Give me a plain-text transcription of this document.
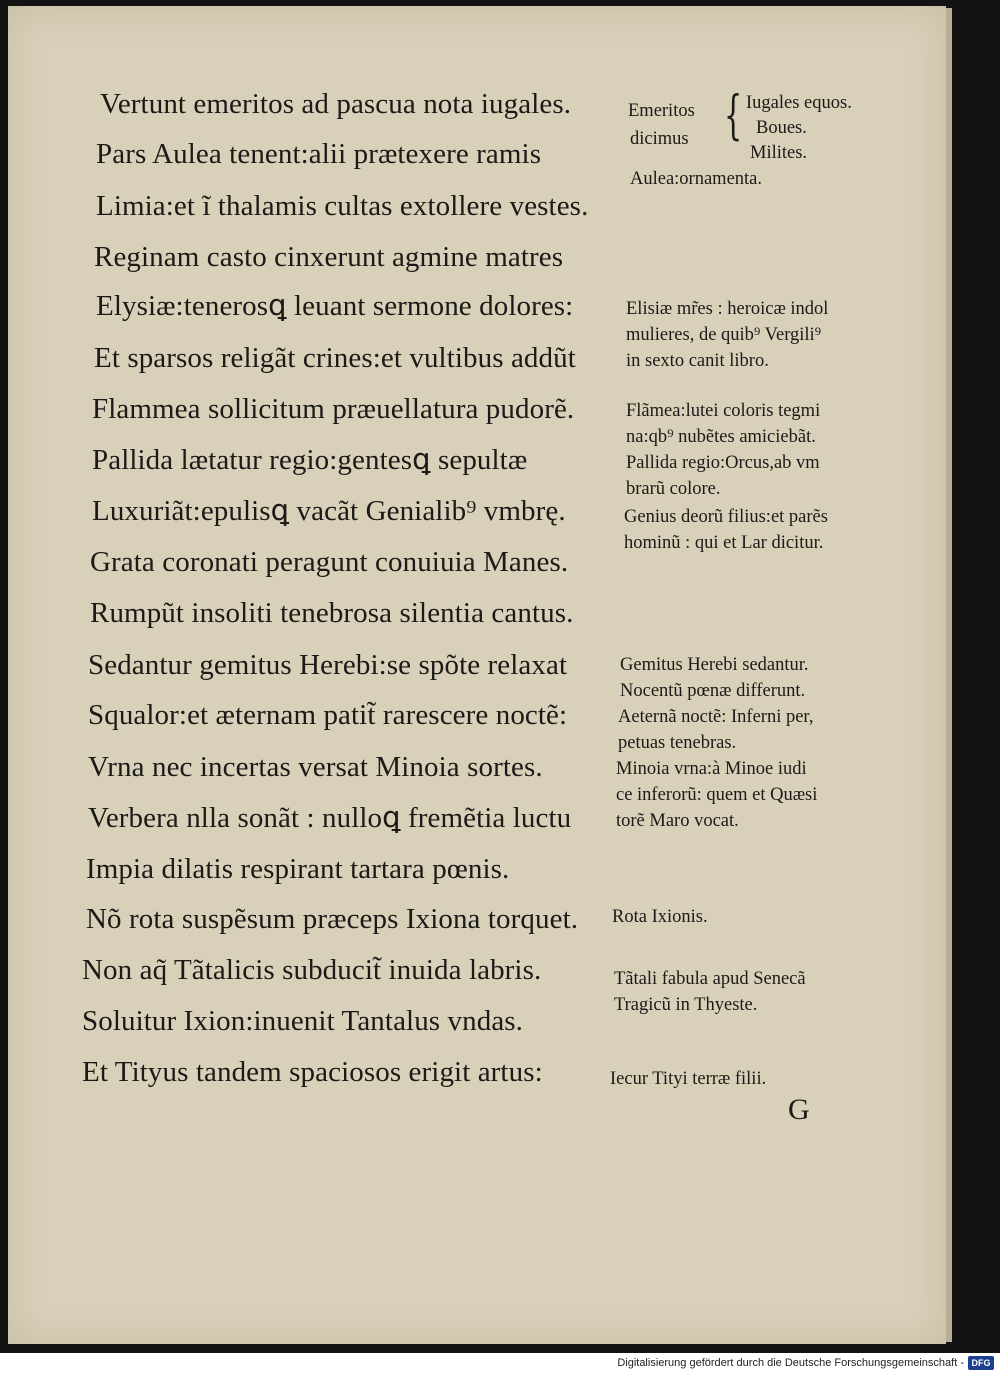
Vertunt emeritos ad pascua nota iugales.
Pars Aulea tenent:alii prætexere ramis
Limia:et ĩ thalamis cultas extollere vestes.
Reginam casto cinxerunt agmine matres
Elysiæ:tenerosꝗ leuant sermone dolores:
Et sparsos religãt crines:et vultibus addũt
Flammea sollicitum præuellatura pudorẽ.
Pallida lætatur regio:gentesꝗ sepultæ
Luxuriãt:epulisꝗ vacãt Genialib⁹ vmbrę.
Grata coronati peragunt conuiuia Manes.
Rumpũt insoliti tenebrosa silentia cantus.
Sedantur gemitus Herebi:se spõte relaxat
Squalor:et æternam patit̃ rarescere noctẽ:
Vrna nec incertas versat Minoia sortes.
Verbera nlla sonãt : nulloꝗ fremẽtia luctu
Impia dilatis respirant tartara pœnis.
Nõ rota suspẽsum præceps Ixiona torquet.
Non aq̃ Tãtalicis subducit̃ inuida labris.
Soluitur Ixion:inuenit Tantalus vndas.
Et Tityus tandem spaciosos erigit artus:
Emeritos
dicimus { Iugales equos.
Boues.
Milites.
Aulea:ornamenta.
Elisiæ mr̃es : heroicæ indol
mulieres, de quib⁹ Vergili⁹
in sexto canit libro.
Flãmea:lutei coloris tegmi
na:qb⁹ nubẽtes amiciebãt.
Pallida regio:Orcus,ab vm
brarũ colore.
Genius deorũ filius:et parẽs
hominũ : qui et Lar dicitur.
Gemitus Herebi sedantur.
Nocentũ pœnæ differunt.
Aeternã noctẽ: Inferni per,
petuas tenebras.
Minoia vrna:à Minoe iudi
ce inferorũ: quem et Quæsi
torẽ Maro vocat.
Rota Ixionis.
Tãtali fabula apud Senecã
Tragicũ in Thyeste.
Iecur Tityi terræ filii.
G
Digitalisierung gefördert durch die Deutsche Forschungsgemeinschaft - DFG
